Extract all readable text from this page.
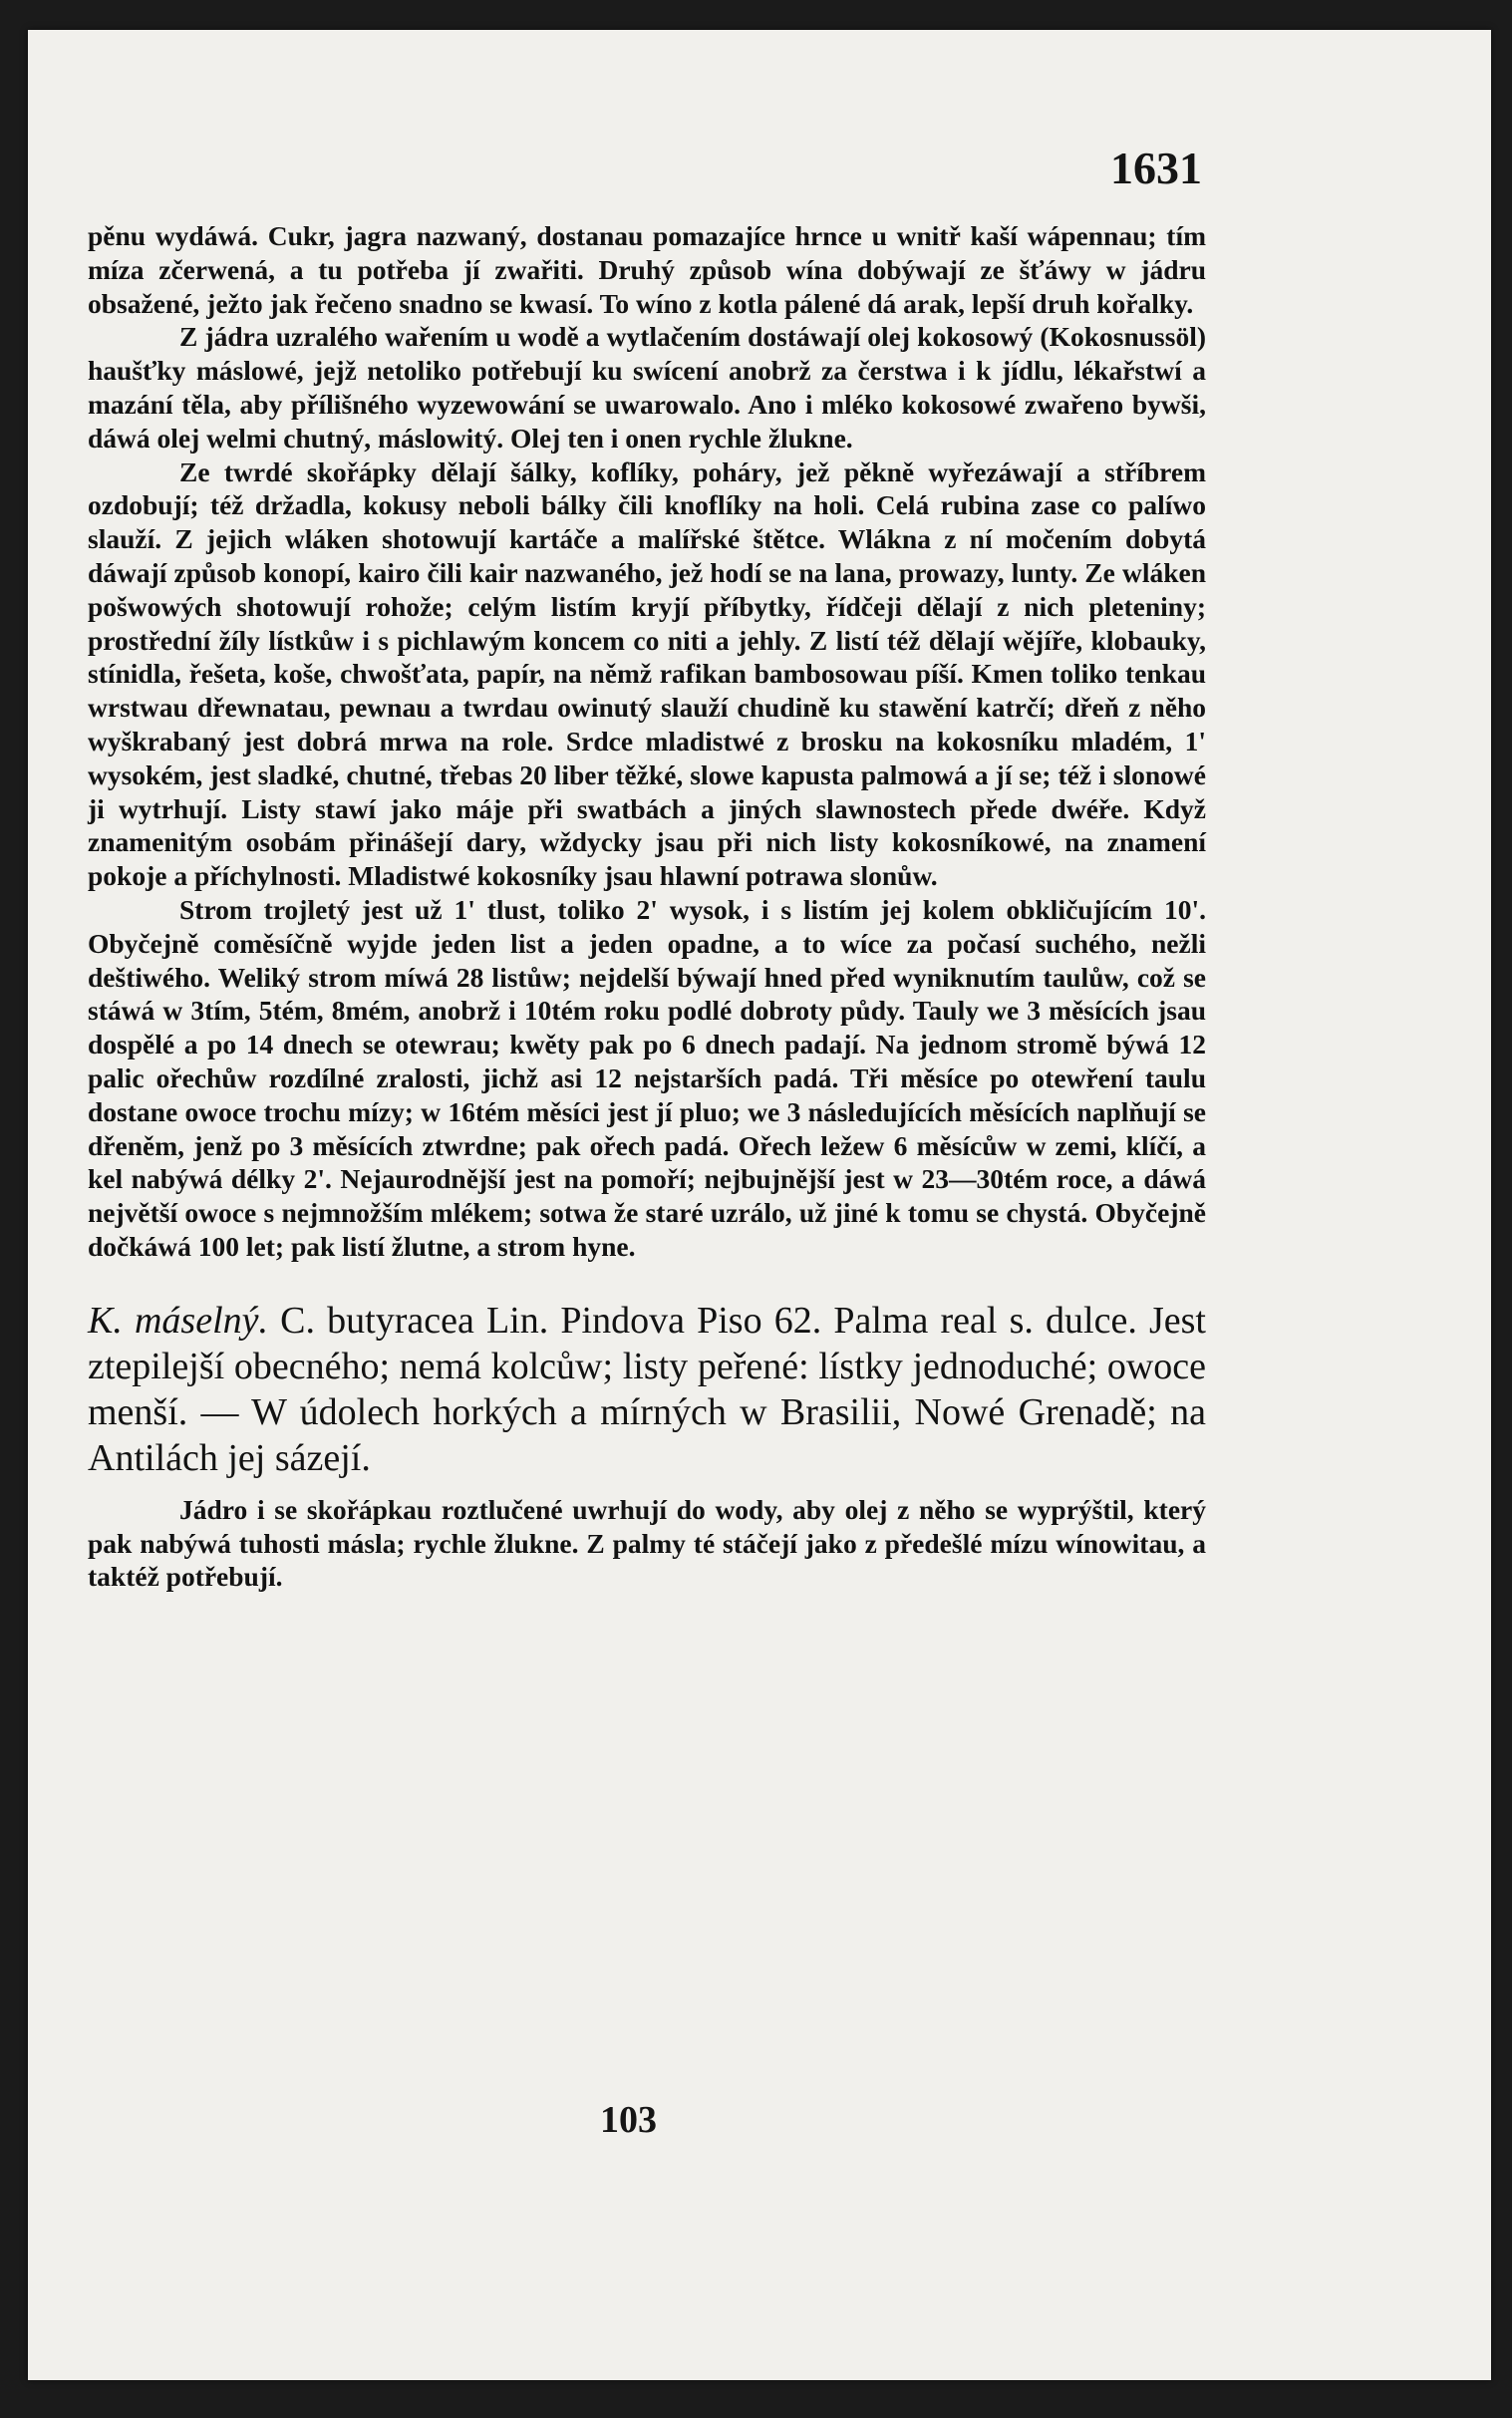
1631

pěnu wydáwá. Cukr, jagra nazwaný, dostanau pomazajíce hrnce u wnitř kaší wápennau; tím mízа zčerwená, a tu potřeba jí zwařiti. Druhý způsob wína dobýwají ze šťáwy w jádru obsažené, ježto jak řečeno snadno se kwasí. To wíno z kotla pálené dá arak, lepší druh kořalky.

Z jádra uzralého wařením u wodě a wytlačením dostáwají olej kokosowý (Kokosnussöl) haušťky máslowé, jejž netoliko potřebují ku swícení anobrž za čerstwa i k jídlu, lékařstwí a mazání těla, aby přílišného wyzewowání se uwarowalo. Ano i mléko kokosowé zwařeno bywši, dáwá olej welmi chutný, máslowitý. Olej ten i onen rychle žlukne.

Ze twrdé skořápky dělají šálky, koflíky, poháry, jež pěkně wyřezáwají a stříbrem ozdobují; též držadla, kokusy neboli bálky čili knoflíky na holi. Celá rubina zase co palíwo slauží. Z jejich wláken shotowují kartáče a malířské štětce. Wlákna z ní močením dobytá dáwají způsob konopí, kairo čili kair nazwaného, jež hodí se na lana, prowazy, lunty. Ze wláken pošwowých shotowují rohože; celým listím kryjí příbytky, řídčeji dělají z nich pleteniny; prostřední žíly lístkůw i s pichlawým koncem co niti a jehly. Z listí též dělají wějíře, klobauky, stínidla, řešeta, koše, chwošťata, papír, na němž rafikan bambosowau píší. Kmen toliko tenkau wrstwau dřewnatau, pewnau a twrdau owinutý slauží chudině ku stawění katrčí; dřeň z něho wyškrabaný jest dobrá mrwa na role. Srdce mladistwé z brosku na kokosníku mladém, 1' wysokém, jest sladké, chutné, třebas 20 liber těžké, slowe kapusta palmowá a jí se; též i slonowé ji wytrhují. Listy stawí jako máje při swatbách a jiných slawnostech přede dwéře. Když znamenitým osobám přinášejí dary, wždycky jsau při nich listy kokosníkowé, na znamení pokoje a příchylnosti. Mladistwé kokosníky jsau hlawní potrawa slonůw.

Strom trojletý jest už 1' tlust, toliko 2' wysok, i s listím jej kolem obkličujícím 10'. Obyčejně coměsíčně wyjde jeden list a jeden opadne, a to wíce za počasí suchého, nežli deštiwého. Weliký strom míwá 28 listůw; nejdelší býwají hned před wyniknutím taulůw, což se stáwá w 3tím, 5tém, 8mém, anobrž i 10tém roku podlé dobroty půdy. Tauly we 3 měsících jsau dospělé a po 14 dnech se otewrau; kwěty pak po 6 dnech padají. Na jednom stromě býwá 12 palic ořechůw rozdílné zralosti, jichž asi 12 nejstarších padá. Tři měsíce po otewření taulu dostane owoce trochu mízy; w 16tém měsíci jest jí pluo; we 3 následujících měsících naplňují se dřeněm, jenž po 3 měsících ztwrdne; pak ořech padá. Ořech ležew 6 měsícůw w zemi, klíčí, a kel nabýwá délky 2'. Nejaurodnější jest na pomoří; nejbujnější jest w 23—30tém roce, a dáwá největší owoce s nejmnožším mlékem; sotwa že staré uzrálo, už jiné k tomu se chystá. Obyčejně dočkáwá 100 let; pak listí žlutne, a strom hyne.

K. máselný. C. butyracea Lin. Pindova Piso 62. Palma real s. dulce. Jest ztepilejší obecného; nemá kolcůw; listy peřené: lístky jednoduché; owoce menší. — W údolech horkých a mírných w Brasilii, Nowé Grenadě; na Antilách jej sázejí.

Jádro i se skořápkau roztlučené uwrhují do wody, aby olej z něho se wyprýštil, který pak nabýwá tuhosti másla; rychle žlukne. Z palmy té stáčejí jako z předešlé mízu wínowitau, a taktéž potřebují.

103
